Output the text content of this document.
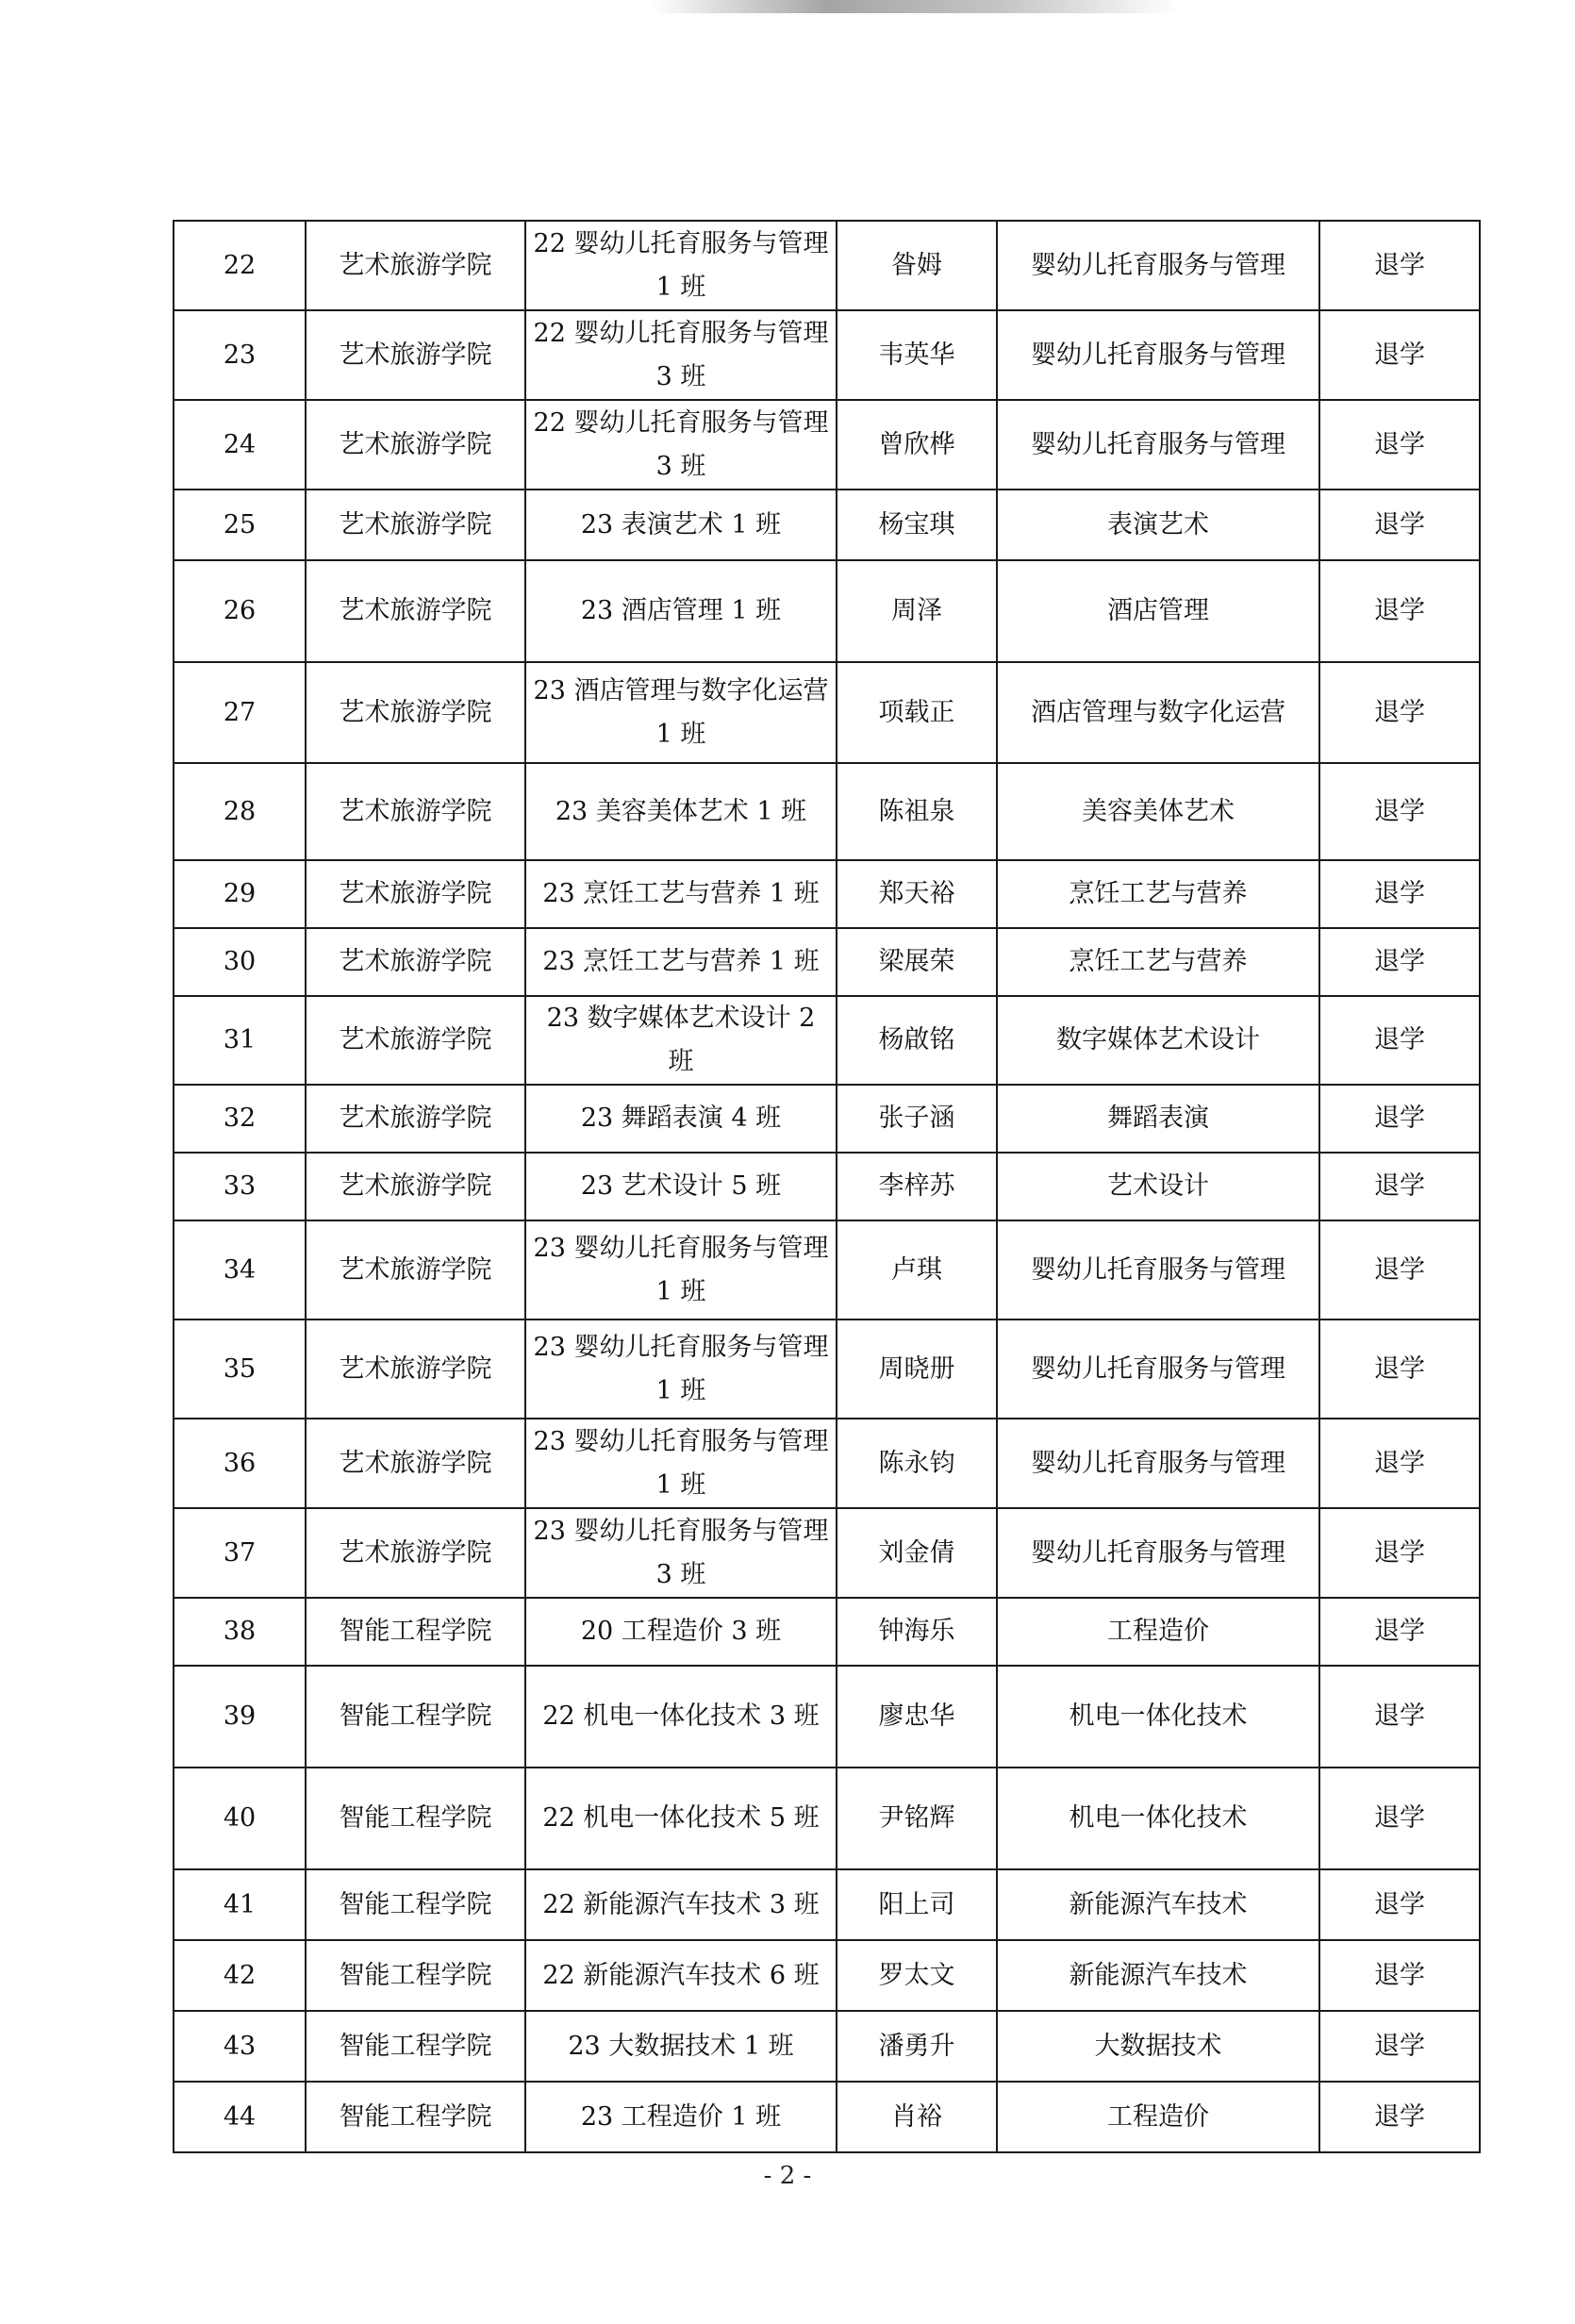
22	艺术旅游学院	22 婴幼儿托育服务与管理 1 班	昝姆	婴幼儿托育服务与管理	退学
23	艺术旅游学院	22 婴幼儿托育服务与管理 3 班	韦英华	婴幼儿托育服务与管理	退学
24	艺术旅游学院	22 婴幼儿托育服务与管理 3 班	曾欣桦	婴幼儿托育服务与管理	退学
25	艺术旅游学院	23 表演艺术 1 班	杨宝琪	表演艺术	退学
26	艺术旅游学院	23 酒店管理 1 班	周泽	酒店管理	退学
27	艺术旅游学院	23 酒店管理与数字化运营 1 班	项载正	酒店管理与数字化运营	退学
28	艺术旅游学院	23 美容美体艺术 1 班	陈祖泉	美容美体艺术	退学
29	艺术旅游学院	23 烹饪工艺与营养 1 班	郑天裕	烹饪工艺与营养	退学
30	艺术旅游学院	23 烹饪工艺与营养 1 班	梁展荣	烹饪工艺与营养	退学
31	艺术旅游学院	23 数字媒体艺术设计 2 班	杨啟铭	数字媒体艺术设计	退学
32	艺术旅游学院	23 舞蹈表演 4 班	张子涵	舞蹈表演	退学
33	艺术旅游学院	23 艺术设计 5 班	李梓苏	艺术设计	退学
34	艺术旅游学院	23 婴幼儿托育服务与管理 1 班	卢琪	婴幼儿托育服务与管理	退学
35	艺术旅游学院	23 婴幼儿托育服务与管理 1 班	周晓册	婴幼儿托育服务与管理	退学
36	艺术旅游学院	23 婴幼儿托育服务与管理 1 班	陈永钧	婴幼儿托育服务与管理	退学
37	艺术旅游学院	23 婴幼儿托育服务与管理 3 班	刘金倩	婴幼儿托育服务与管理	退学
38	智能工程学院	20 工程造价 3 班	钟海乐	工程造价	退学
39	智能工程学院	22 机电一体化技术 3 班	廖忠华	机电一体化技术	退学
40	智能工程学院	22 机电一体化技术 5 班	尹铭辉	机电一体化技术	退学
41	智能工程学院	22 新能源汽车技术 3 班	阳上司	新能源汽车技术	退学
42	智能工程学院	22 新能源汽车技术 6 班	罗太文	新能源汽车技术	退学
43	智能工程学院	23 大数据技术 1 班	潘勇升	大数据技术	退学
44	智能工程学院	23 工程造价 1 班	肖裕	工程造价	退学
- 2 -
